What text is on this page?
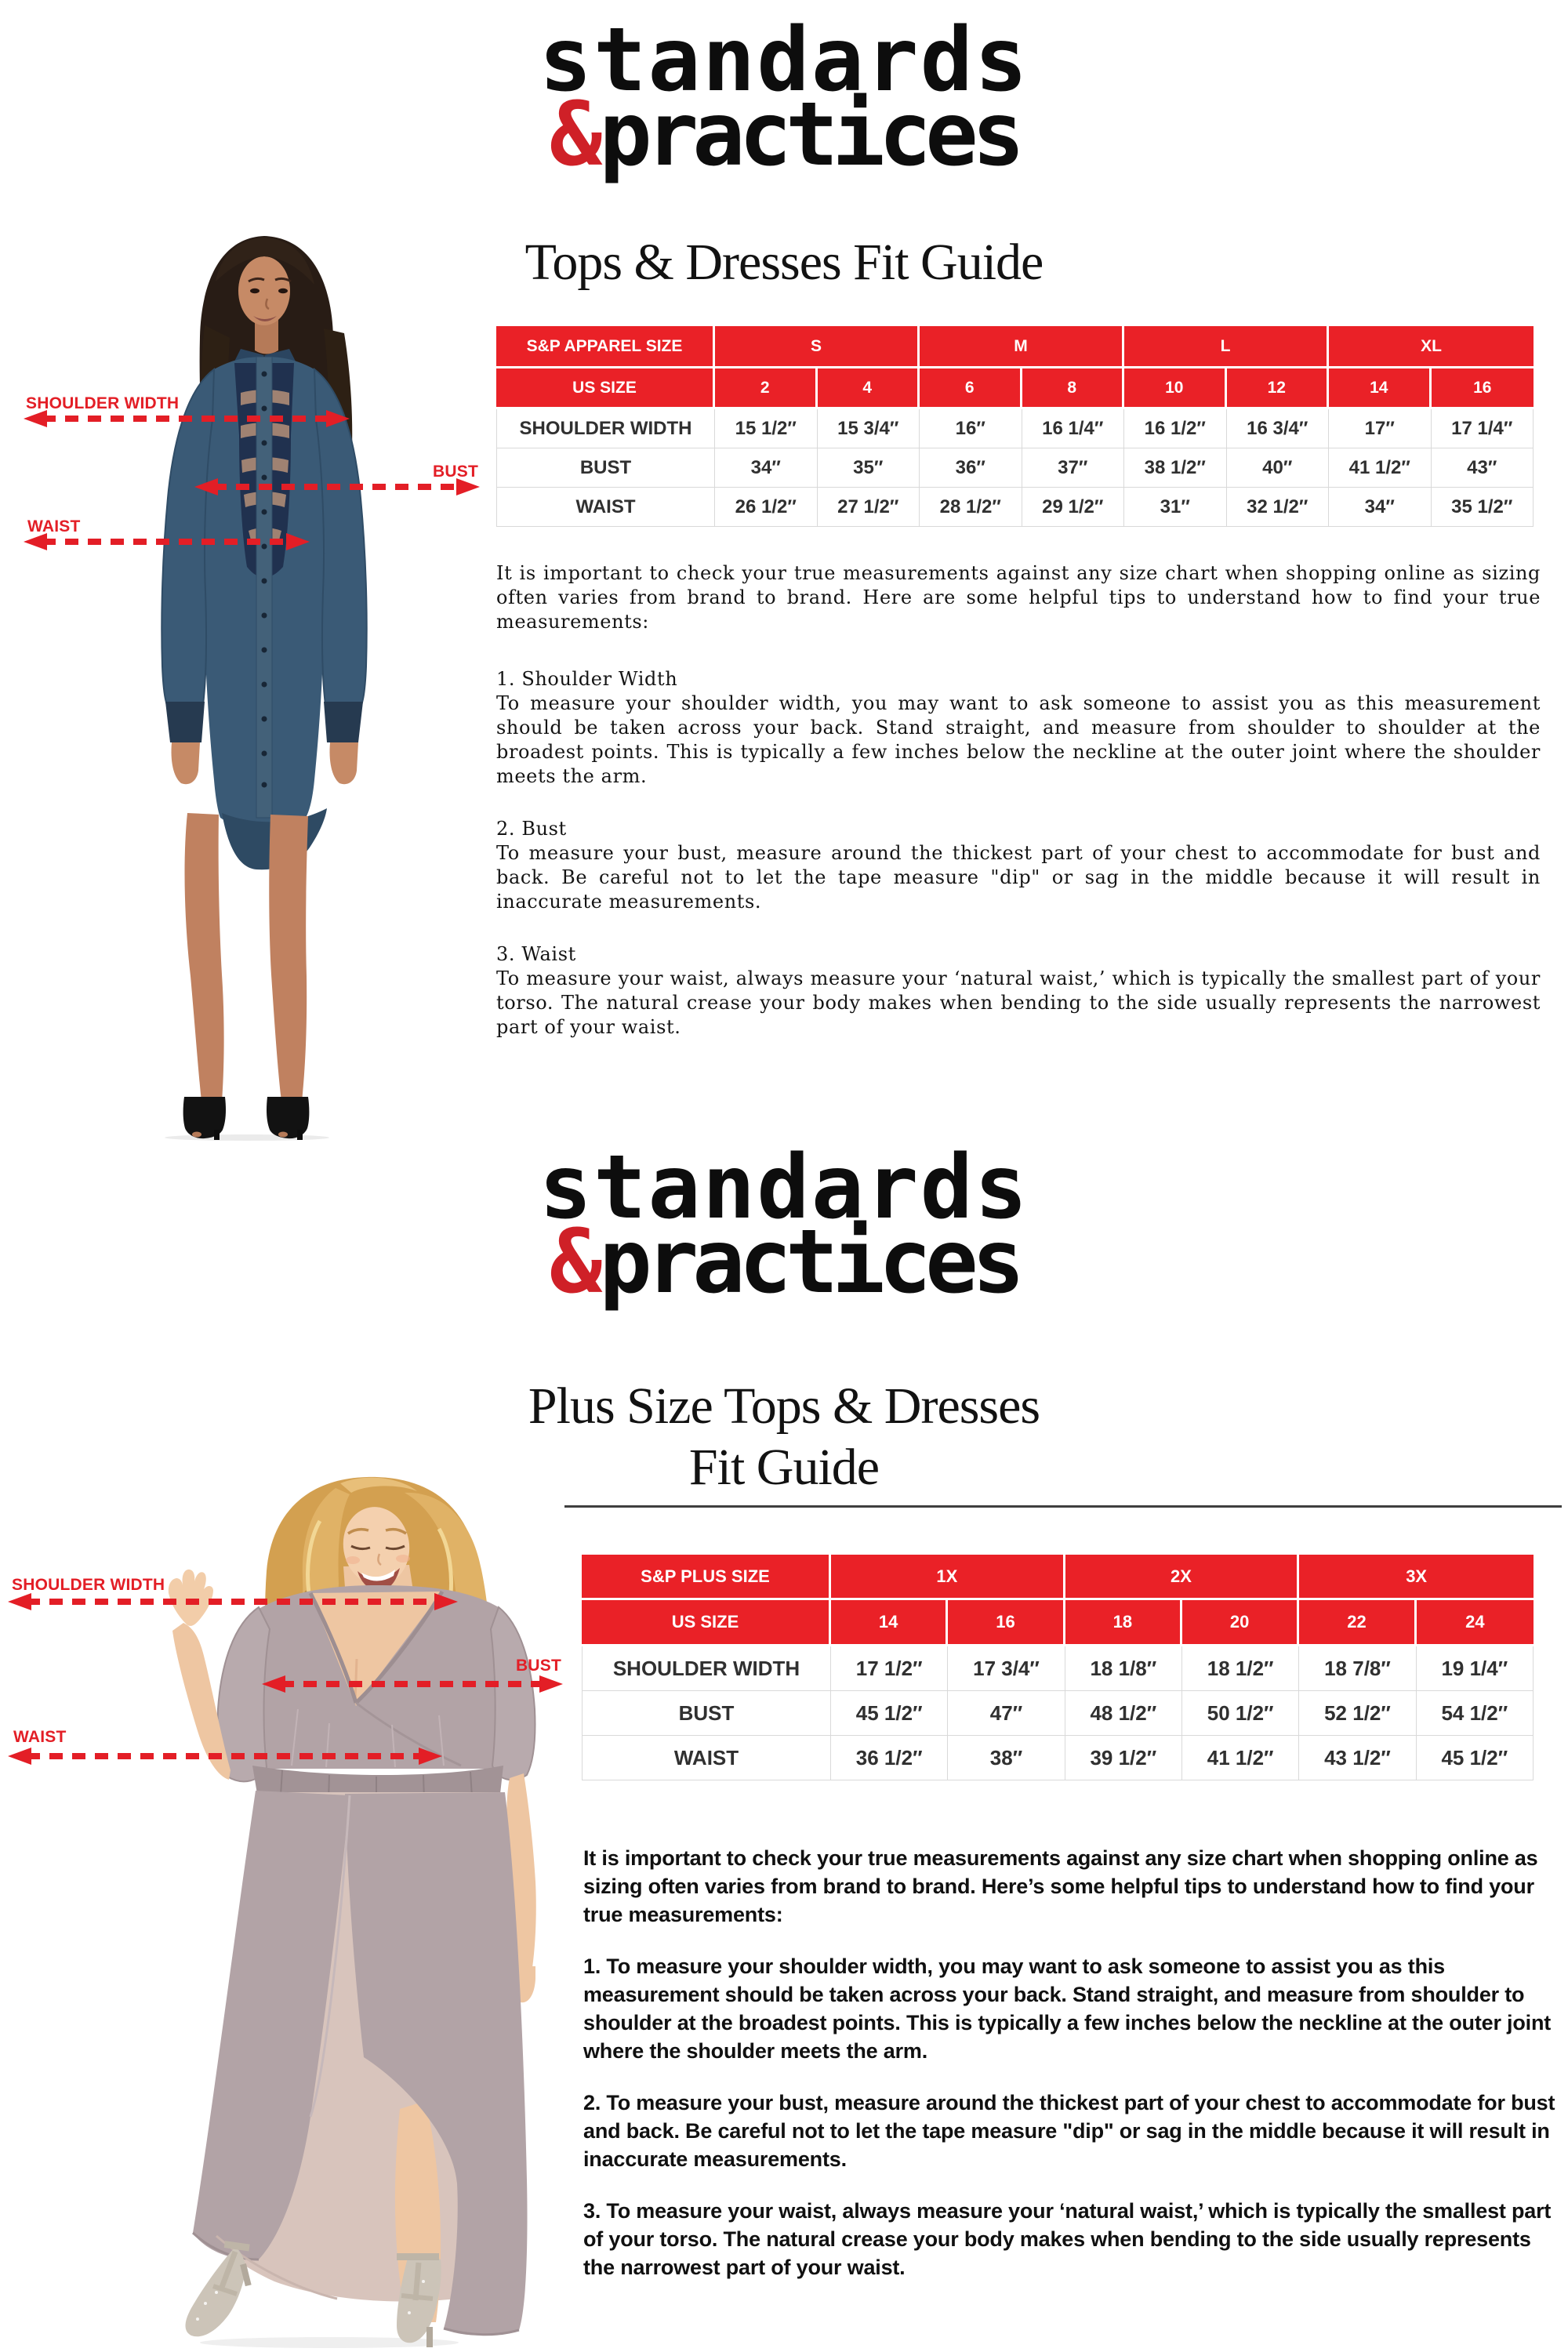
standards
&practices
Tops & Dresses Fit Guide
SHOULDER WIDTH
BUST
WAIST
S&P APPAREL SIZE	S		M		L		XL	
US SIZE	2	4	6	8	10	12	14	16
SHOULDER WIDTH	15 1/2″	15 3/4″	16″	16 1/4″	16 1/2″	16 3/4″	17″	17 1/4″
BUST	34″	35″	36″	37″	38 1/2″	40″	41 1/2″	43″
WAIST	26 1/2″	27 1/2″	28 1/2″	29 1/2″	31″	32 1/2″	34″	35 1/2″

It is important to check your true measurements against any size chart when shopping online as sizing often varies from brand to brand. Here are some helpful tips to understand how to find your true measurements:

1. Shoulder Width
To measure your shoulder width, you may want to ask someone to assist you as this measurement should be taken across your back. Stand straight, and measure from shoulder to shoulder at the broadest points. This is typically a few inches below the neckline at the outer joint where the shoulder meets the arm.
2. Bust
To measure your bust, measure around the thickest part of your chest to accommodate for bust and back. Be careful not to let the tape measure "dip" or sag in the middle because it will result in inaccurate measurements.
3. Waist
To measure your waist, always measure your ‘natural waist,’ which is typically the smallest part of your torso. The natural crease your body makes when bending to the side usually represents the narrowest part of your waist.
standards
&practices
Plus Size Tops & Dresses
Fit Guide
SHOULDER WIDTH
BUST
WAIST
S&P PLUS SIZE	1X		2X		3X	
US SIZE	14	16	18	20	22	24
SHOULDER WIDTH	17 1/2″	17 3/4″	18 1/8″	18 1/2″	18 7/8″	19 1/4″
BUST	45 1/2″	47″	48 1/2″	50 1/2″	52 1/2″	54 1/2″
WAIST	36 1/2″	38″	39 1/2″	41 1/2″	43 1/2″	45 1/2″

It is important to check your true measurements against any size chart when shopping online as sizing often varies from brand to brand. Here’s some helpful tips to understand how to find your true measurements:

1. To measure your shoulder width, you may want to ask someone to assist you as this measurement should be taken across your back. Stand straight, and measure from shoulder to shoulder at the broadest points. This is typically a few inches below the neckline at the outer joint where the shoulder meets the arm.

2. To measure your bust, measure around the thickest part of your chest to accommodate for bust and back. Be careful not to let the tape measure "dip" or sag in the middle because it will result in inaccurate measurements.

3. To measure your waist, always measure your ‘natural waist,’ which is typically the smallest part of your torso. The natural crease your body makes when bending to the side usually represents the narrowest part of your waist.
